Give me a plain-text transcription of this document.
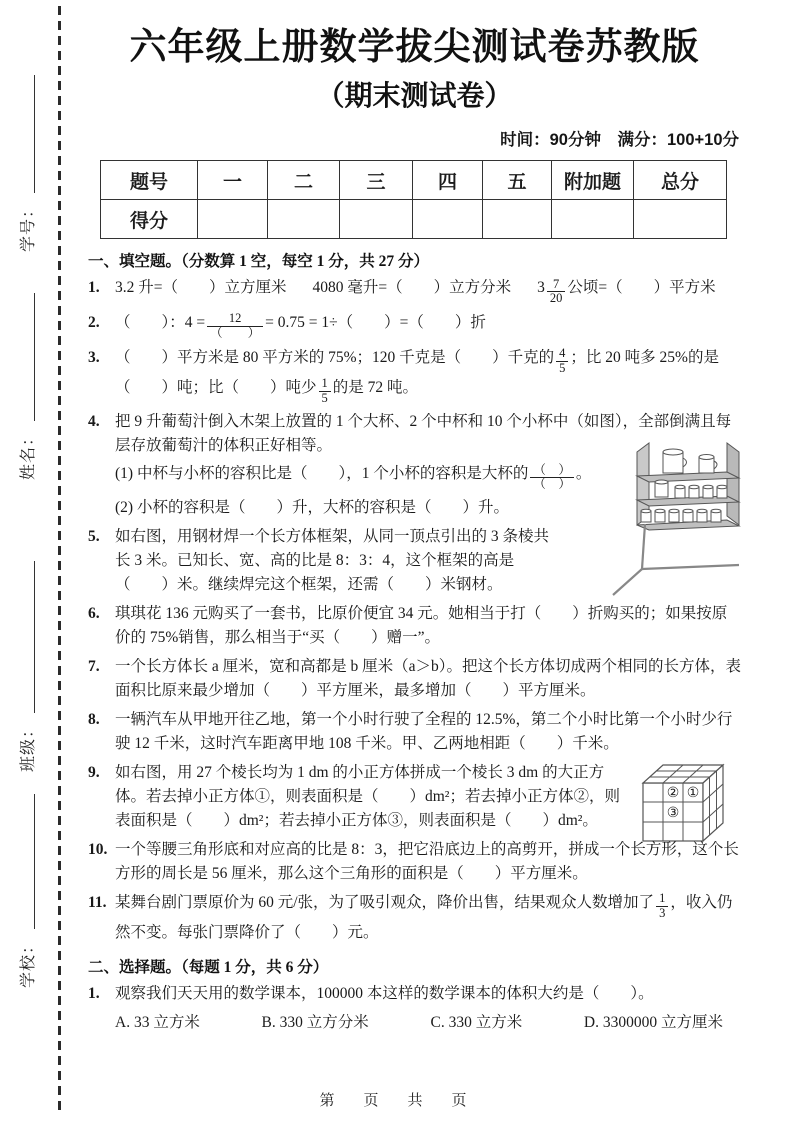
学号：
姓名：
班级：
学校：
六年级上册数学拔尖测试卷苏教版
（期末测试卷）
时间：90分钟　满分：100+10分
题号	一	二	三	四	五	附加题	总分
得分							
一、填空题。（分数算 1 空，每空 1 分，共 27 分）
1. 3.2 升=（　　）立方厘米 4080 毫升=（　　）立方分米 $3 \frac{7}{20}$ 公顷=（　　）平方米
2. （　　）：$4 = \frac{12}{( )} = 0.75 = 1\div$（　　）=（　　）折
3. （　　）平方米是 80 平方米的 75%；120 千克是（　　）千克的 $\frac{4}{5}$ ；比 20 吨多 25%的是（　　）吨；比（　　）吨少 $\frac{1}{5}$ 的是 72 吨。
4. 把 9 升葡萄汁倒入木架上放置的 1 个大杯、2 个中杯和 10 个小杯中（如图），全部倒满且每层存放葡萄汁的体积正好相等。
(1) 中杯与小杯的容积比是（　　），1 个小杯的容积是大杯的 $\frac{( )}{( )}$ 。
(2) 小杯的容积是（　　）升，大杯的容积是（　　）升。
5. 如右图，用钢材焊一个长方体框架，从同一顶点引出的 3 条棱共长 3 米。已知长、宽、高的比是 8：3：4，这个框架的高是（　　）米。继续焊完这个框架，还需（　　）米钢材。
6. 琪琪花 136 元购买了一套书，比原价便宜 34 元。她相当于打（　　）折购买的；如果按原价的 75%销售，那么相当于“买（　　）赠一”。
7. 一个长方体长 a 厘米，宽和高都是 b 厘米（a＞b）。把这个长方体切成两个相同的长方体，表面积比原来最少增加（　　）平方厘米，最多增加（　　）平方厘米。
8. 一辆汽车从甲地开往乙地，第一个小时行驶了全程的 12.5%，第二个小时比第一个小时少行驶 12 千米，这时汽车距离甲地 108 千米。甲、乙两地相距（　　）千米。
9. 如右图，用 27 个棱长均为 1 dm 的小正方体拼成一个棱长 3 dm 的大正方体。若去掉小正方体①，则表面积是（　　）dm²；若去掉小正方体②，则表面积是（　　）dm²；若去掉小正方体③，则表面积是（　　）dm²。
② ①
③
10. 一个等腰三角形底和对应高的比是 8：3，把它沿底边上的高剪开，拼成一个长方形，这个长方形的周长是 56 厘米，那么这个三角形的面积是（　　）平方厘米。
11. 某舞台剧门票原价为 60 元/张，为了吸引观众，降价出售，结果观众人数增加了 $\frac{1}{3}$ ，收入仍然不变。每张门票降价了（　　）元。
二、选择题。（每题 1 分，共 6 分）
1. 观察我们天天用的数学课本，100000 本这样的数学课本的体积大约是（　　）。
A. 33 立方米	B. 330 立方分米	C. 330 立方米	D. 3300000 立方厘米
第　页　共　页
